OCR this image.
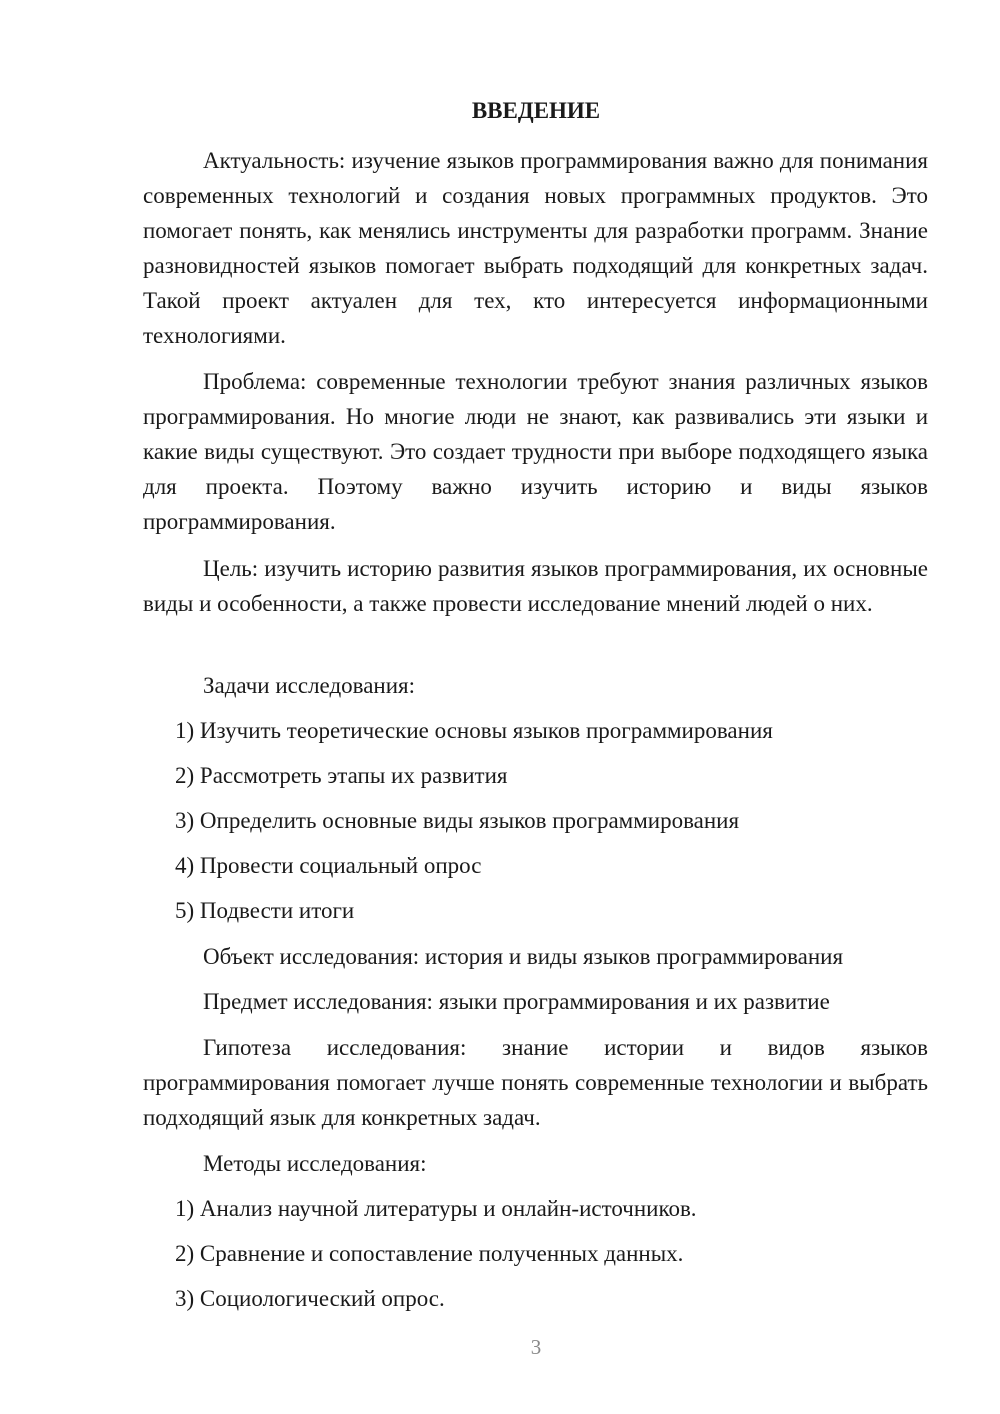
ВВЕДЕНИЕ

Актуальность: изучение языков программирования важно для понимания современных технологий и создания новых программных продуктов. Это помогает понять, как менялись инструменты для разработки программ. Знание разновидностей языков помогает выбрать подходящий для конкретных задач. Такой проект актуален для тех, кто интересуется информационными технологиями.

Проблема: современные технологии требуют знания различных языков программирования. Но многие люди не знают, как развивались эти языки и какие виды существуют. Это создает трудности при выборе подходящего языка для проекта. Поэтому важно изучить историю и виды языков программирования.

Цель: изучить историю развития языков программирования, их основные виды и особенности, а также провести исследование мнений людей о них.

Задачи исследования:

1) Изучить теоретические основы языков программирования

2) Рассмотреть этапы их развития

3) Определить основные виды языков программирования

4) Провести социальный опрос

5) Подвести итоги

Объект исследования: история и виды языков программирования

Предмет исследования: языки программирования и их развитие

Гипотеза исследования: знание истории и видов языков программирования помогает лучше понять современные технологии и выбрать подходящий язык для конкретных задач.

Методы исследования:

1) Анализ научной литературы и онлайн-источников.

2) Сравнение и сопоставление полученных данных.

3) Социологический опрос.

3
